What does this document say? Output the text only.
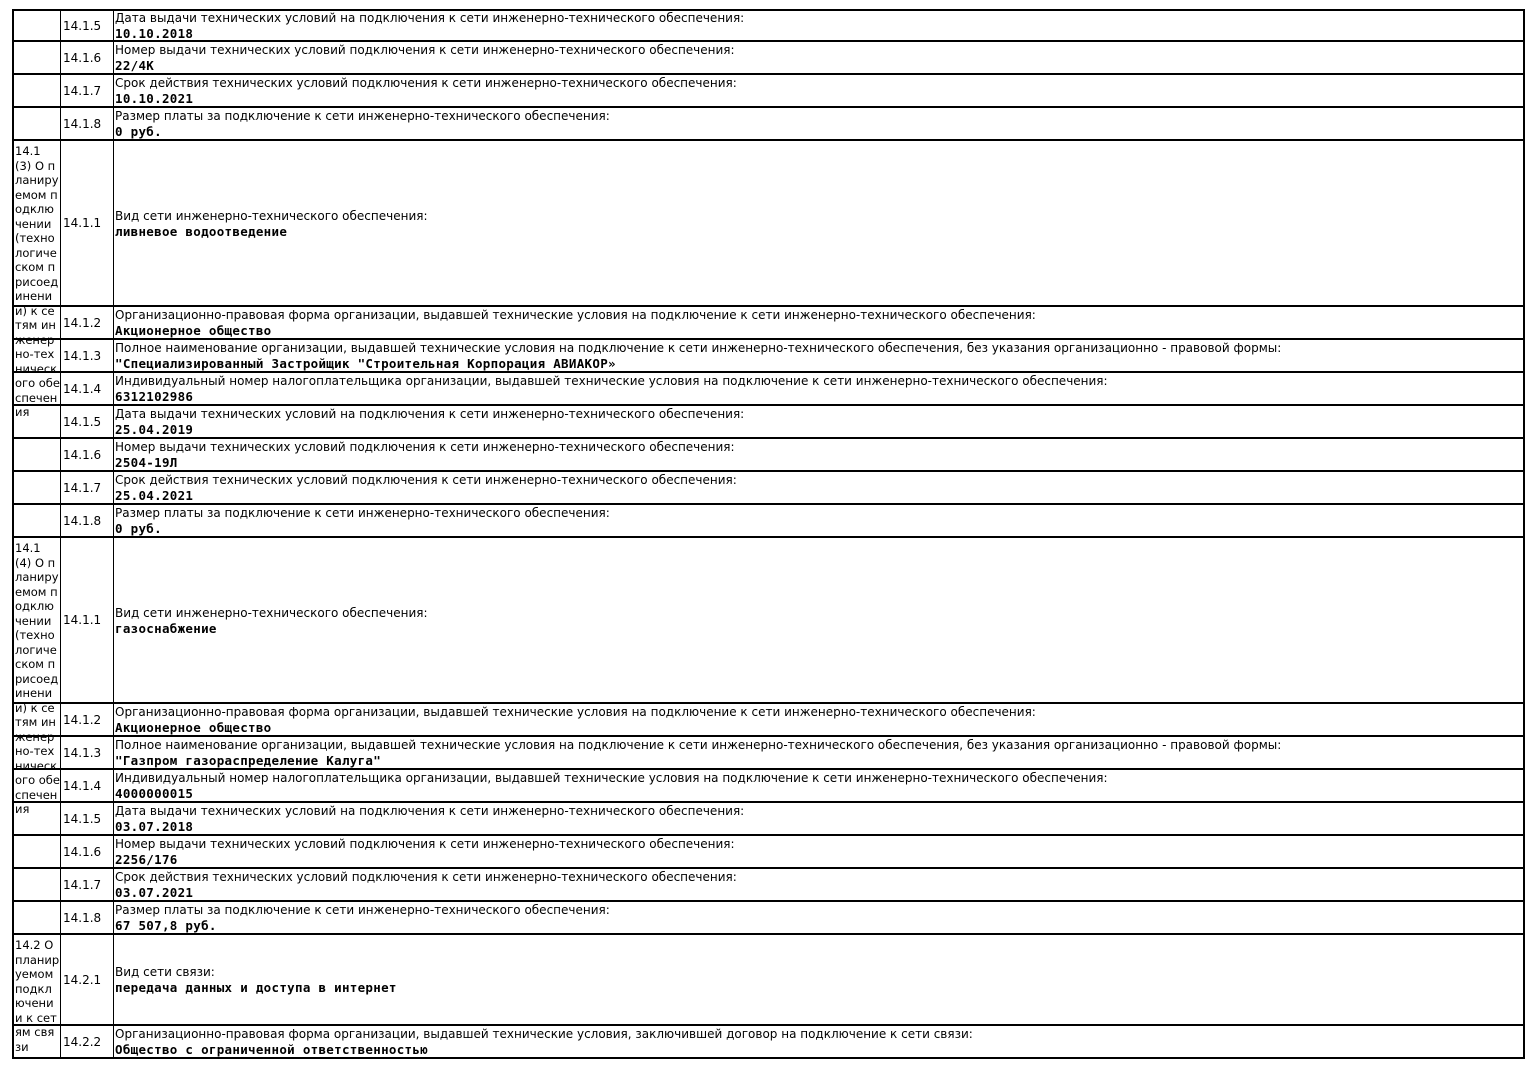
14.1.5
Дата выдачи технических условий на подключения к сети инженерно-технического обеспечения:
10.10.2018
14.1.6
Номер выдачи технических условий подключения к сети инженерно-технического обеспечения:
22/4К
14.1.7
Срок действия технических условий подключения к сети инженерно-технического обеспечения:
10.10.2021
14.1.8
Размер платы за подключение к сети инженерно-технического обеспечения:
0 руб.
14.1 (3) О планируемом подключении (технологическом присоединении) к сетям инженерно-технического обеспечения
14.1.1
Вид сети инженерно-технического обеспечения:
ливневое водоотведение
14.1.2
Организационно-правовая форма организации, выдавшей технические условия на подключение к сети инженерно-технического обеспечения:
Акционерное общество
14.1.3
Полное наименование организации, выдавшей технические условия на подключение к сети инженерно-технического обеспечения, без указания организационно - правовой формы:
"Специализированный Застройщик "Строительная Корпорация АВИАКОР»
14.1.4
Индивидуальный номер налогоплательщика организации, выдавшей технические условия на подключение к сети инженерно-технического обеспечения:
6312102986
14.1.5
Дата выдачи технических условий на подключения к сети инженерно-технического обеспечения:
25.04.2019
14.1.6
Номер выдачи технических условий подключения к сети инженерно-технического обеспечения:
2504-19Л
14.1.7
Срок действия технических условий подключения к сети инженерно-технического обеспечения:
25.04.2021
14.1.8
Размер платы за подключение к сети инженерно-технического обеспечения:
0 руб.
14.1 (4) О планируемом подключении (технологическом присоединении) к сетям инженерно-технического обеспечения
14.1.1
Вид сети инженерно-технического обеспечения:
газоснабжение
14.1.2
Организационно-правовая форма организации, выдавшей технические условия на подключение к сети инженерно-технического обеспечения:
Акционерное общество
14.1.3
Полное наименование организации, выдавшей технические условия на подключение к сети инженерно-технического обеспечения, без указания организационно - правовой формы:
"Газпром газораспределение Калуга"
14.1.4
Индивидуальный номер налогоплательщика организации, выдавшей технические условия на подключение к сети инженерно-технического обеспечения:
4000000015
14.1.5
Дата выдачи технических условий на подключения к сети инженерно-технического обеспечения:
03.07.2018
14.1.6
Номер выдачи технических условий подключения к сети инженерно-технического обеспечения:
2256/176
14.1.7
Срок действия технических условий подключения к сети инженерно-технического обеспечения:
03.07.2021
14.1.8
Размер платы за подключение к сети инженерно-технического обеспечения:
67 507,8 руб.
14.2 О планируемом подключении к сетям связи
14.2.1
Вид сети связи:
передача данных и доступа в интернет
14.2.2
Организационно-правовая форма организации, выдавшей технические условия, заключившей договор на подключение к сети связи:
Общество с ограниченной ответственностью
